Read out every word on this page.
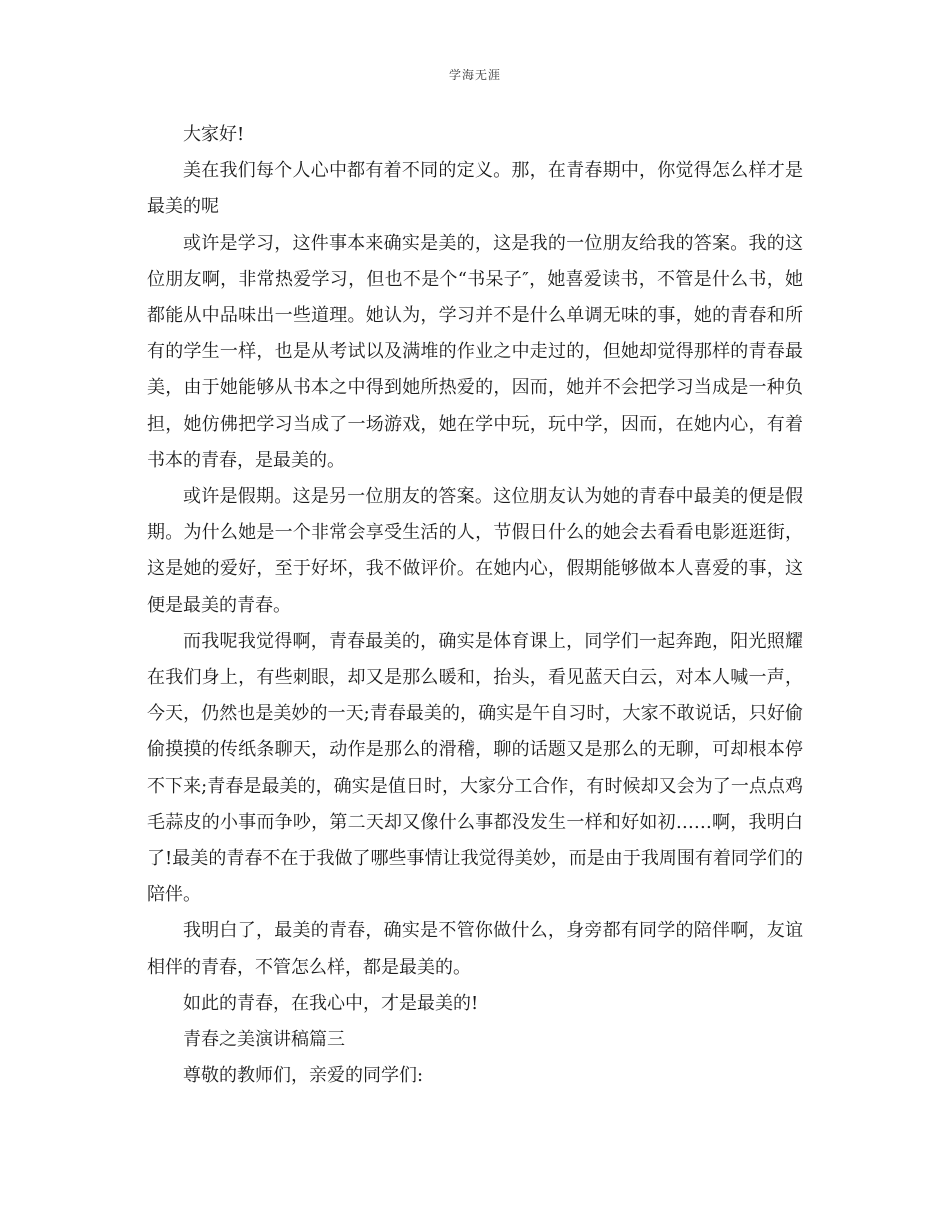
学海无涯

大家好!

美在我们每个人心中都有着不同的定义。那，在青春期中，你觉得怎么样才是最美的呢

或许是学习，这件事本来确实是美的，这是我的一位朋友给我的答案。我的这位朋友啊，非常热爱学习，但也不是个“书呆子″，她喜爱读书，不管是什么书，她都能从中品味出一些道理。她认为，学习并不是什么单调无味的事，她的青春和所有的学生一样，也是从考试以及满堆的作业之中走过的，但她却觉得那样的青春最美，由于她能够从书本之中得到她所热爱的，因而，她并不会把学习当成是一种负担，她仿佛把学习当成了一场游戏，她在学中玩，玩中学，因而，在她内心，有着书本的青春，是最美的。

或许是假期。这是另一位朋友的答案。这位朋友认为她的青春中最美的便是假期。为什么她是一个非常会享受生活的人，节假日什么的她会去看看电影逛逛街，这是她的爱好，至于好坏，我不做评价。在她内心，假期能够做本人喜爱的事，这便是最美的青春。

而我呢我觉得啊，青春最美的，确实是体育课上，同学们一起奔跑，阳光照耀在我们身上，有些刺眼，却又是那么暖和，抬头，看见蓝天白云，对本人喊一声，今天，仍然也是美妙的一天;青春最美的，确实是午自习时，大家不敢说话，只好偷偷摸摸的传纸条聊天，动作是那么的滑稽，聊的话题又是那么的无聊，可却根本停不下来;青春是最美的，确实是值日时，大家分工合作，有时候却又会为了一点点鸡毛蒜皮的小事而争吵，第二天却又像什么事都没发生一样和好如初……啊，我明白了!最美的青春不在于我做了哪些事情让我觉得美妙，而是由于我周围有着同学们的陪伴。

我明白了，最美的青春，确实是不管你做什么，身旁都有同学的陪伴啊，友谊相伴的青春，不管怎么样，都是最美的。

如此的青春，在我心中，才是最美的!

青春之美演讲稿篇三

尊敬的教师们，亲爱的同学们:
